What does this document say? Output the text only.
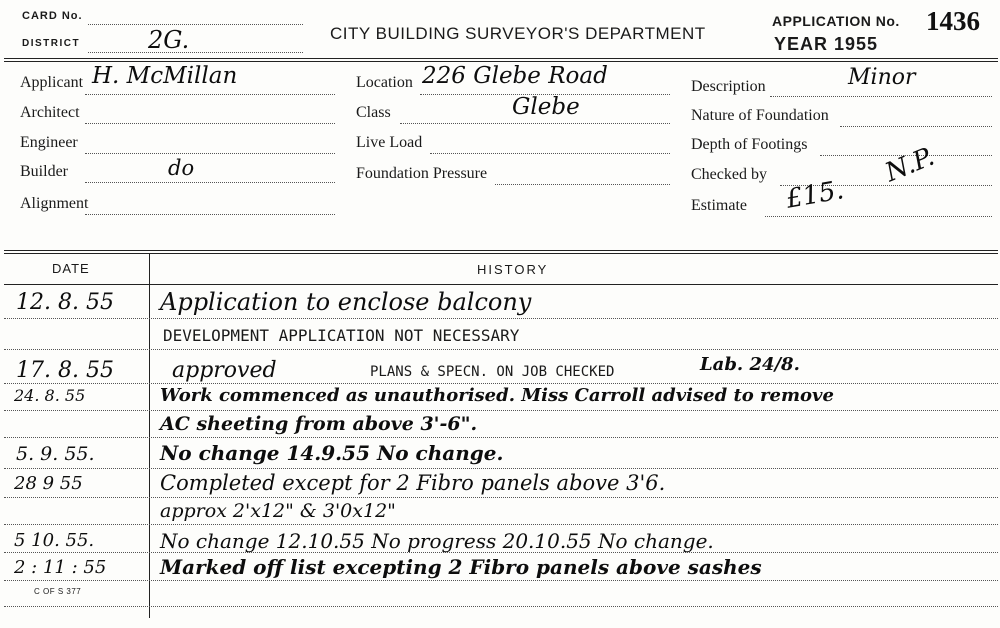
CARD No.
DISTRICT	2G.	CITY BUILDING SURVEYOR'S DEPARTMENT
APPLICATION No. 1436
YEAR 1955
Applicant H. McMillan
Architect
Engineer
Builder	do
Alignment
Location 226 Glebe Road
Class	Glebe
Live Load
Foundation Pressure
Description	Minor
Nature of Foundation
Depth of Footings
Checked by	N.P.
Estimate £15.
DATE	HISTORY
12. 8. 55 Application to enclose balcony
DEVELOPMENT APPLICATION NOT NECESSARY
17. 8. 55	approved	PLANS & SPECN. ON JOB CHECKED	Lab. 24/8.
24. 8. 55	Work commenced as unauthorised. Miss Carroll advised to remove
AC sheeting from above 3'-6".
5. 9. 55.	No change 14.9.55 No change.
28 9 55	Completed except for 2 Fibro panels above 3'6.
approx 2'x12" & 3'0x12"
5 10. 55.	No change 12.10.55 No progress 20.10.55 No change.
2 : 11 : 55	Marked off list excepting 2 Fibro panels above sashes
C OF S 377
